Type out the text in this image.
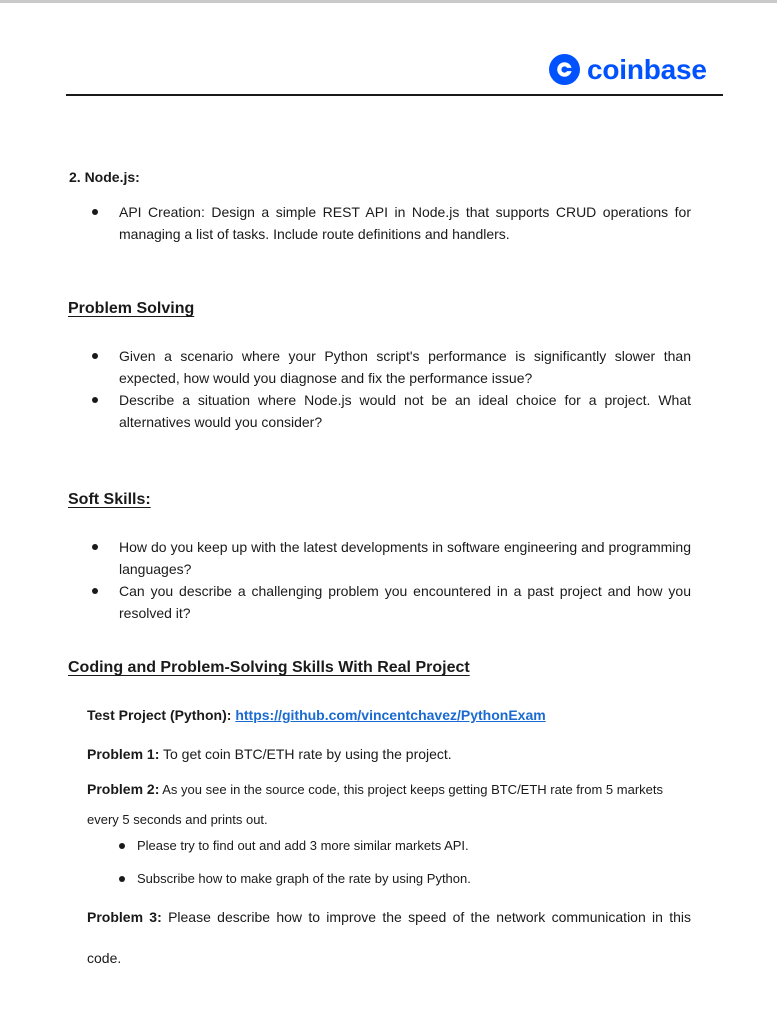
coinbase
2. Node.js:
API Creation: Design a simple REST API in Node.js that supports CRUD operations for managing a list of tasks. Include route definitions and handlers.
Problem Solving
Given a scenario where your Python script's performance is significantly slower than expected, how would you diagnose and fix the performance issue?
Describe a situation where Node.js would not be an ideal choice for a project. What alternatives would you consider?
Soft Skills:
How do you keep up with the latest developments in software engineering and programming languages?
Can you describe a challenging problem you encountered in a past project and how you resolved it?
Coding and Problem-Solving Skills With Real Project
Test Project (Python): https://github.com/vincentchavez/PythonExam
Problem 1: To get coin BTC/ETH rate by using the project.
Problem 2: As you see in the source code, this project keeps getting BTC/ETH rate from 5 markets every 5 seconds and prints out.
Please try to find out and add 3 more similar markets API.
Subscribe how to make graph of the rate by using Python.
Problem 3: Please describe how to improve the speed of the network communication in this code.
